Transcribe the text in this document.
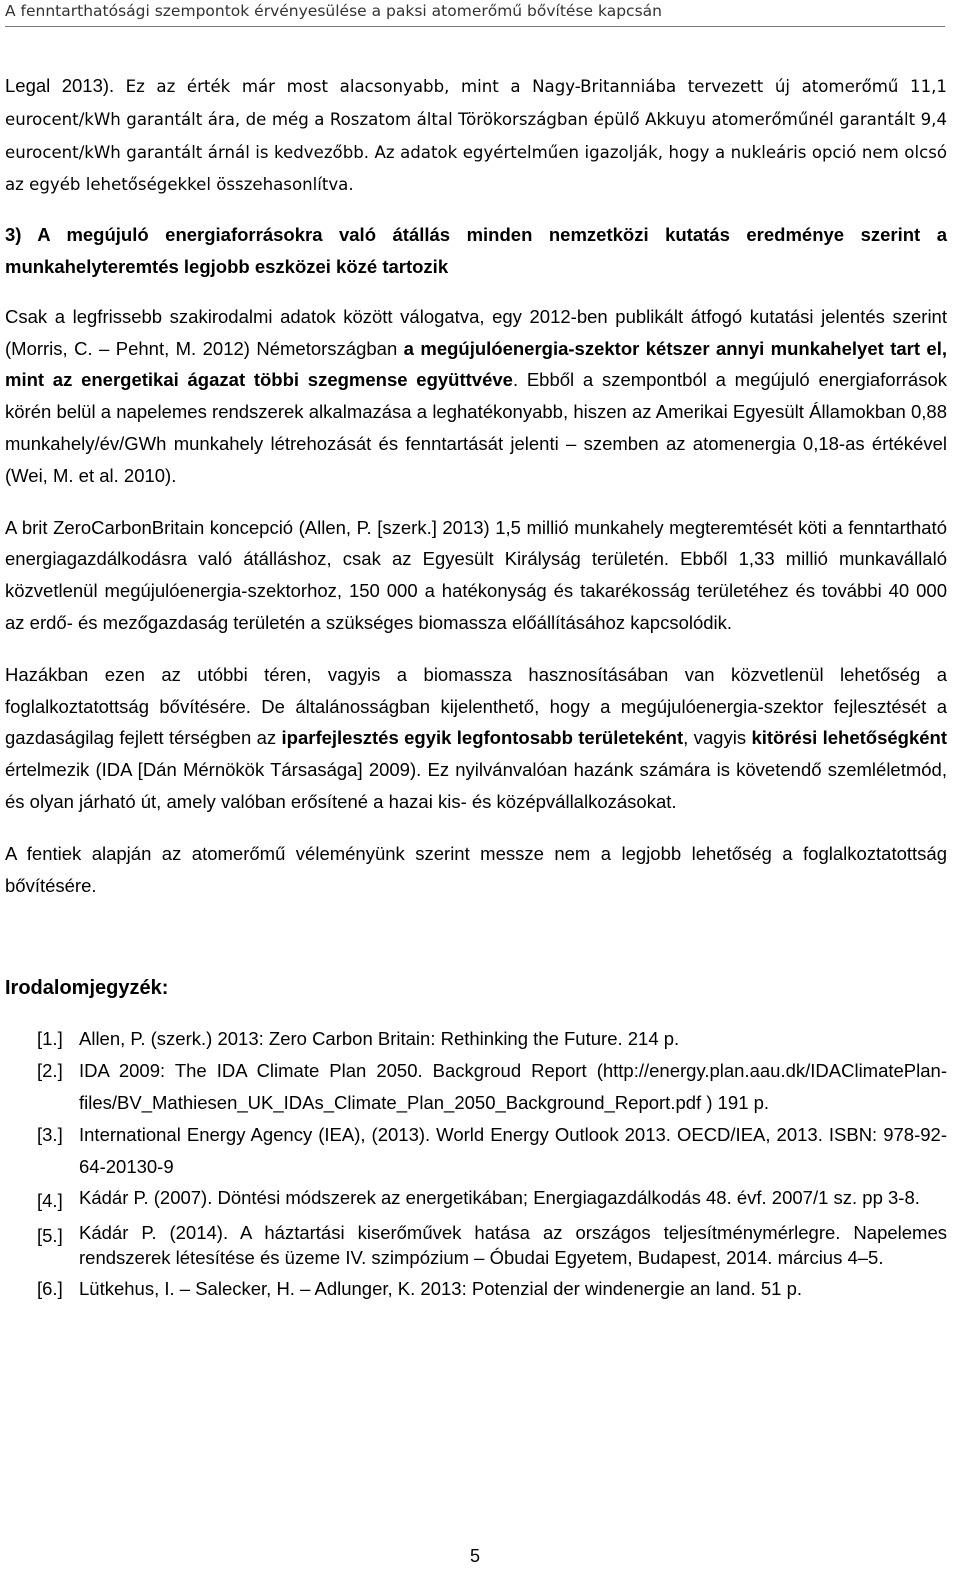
A fenntarthatósági szempontok érvényesülése a paksi atomerőmű bővítése kapcsán

Legal 2013). Ez az érték már most alacsonyabb, mint a Nagy-Britanniába tervezett új atomerőmű 11,1 eurocent/kWh garantált ára, de még a Roszatom által Törökországban épülő Akkuyu atomerőműnél garantált 9,4 eurocent/kWh garantált árnál is kedvezőbb. Az adatok egyértelműen igazolják, hogy a nukleáris opció nem olcsó az egyéb lehetőségekkel összehasonlítva.

3) A megújuló energiaforrásokra való átállás minden nemzetközi kutatás eredménye szerint a munkahelyteremtés legjobb eszközei közé tartozik

Csak a legfrissebb szakirodalmi adatok között válogatva, egy 2012-ben publikált átfogó kutatási jelentés szerint (Morris, C. – Pehnt, M. 2012) Németországban a megújulóenergia-szektor kétszer annyi munkahelyet tart el, mint az energetikai ágazat többi szegmense együttvéve. Ebből a szempontból a megújuló energiaforrások körén belül a napelemes rendszerek alkalmazása a leghatékonyabb, hiszen az Amerikai Egyesült Államokban 0,88 munkahely/év/GWh munkahely létrehozását és fenntartását jelenti – szemben az atomenergia 0,18-as értékével (Wei, M. et al. 2010).

A brit ZeroCarbonBritain koncepció (Allen, P. [szerk.] 2013) 1,5 millió munkahely megteremtését köti a fenntartható energiagazdálkodásra való átálláshoz, csak az Egyesült Királyság területén. Ebből 1,33 millió munkavállaló közvetlenül megújulóenergia-szektorhoz, 150 000 a hatékonyság és takarékosság területéhez és további 40 000 az erdő- és mezőgazdaság területén a szükséges biomassza előállításához kapcsolódik.

Hazákban ezen az utóbbi téren, vagyis a biomassza hasznosításában van közvetlenül lehetőség a foglalkoztatottság bővítésére. De általánosságban kijelenthető, hogy a megújulóenergia-szektor fejlesztését a gazdaságilag fejlett térségben az iparfejlesztés egyik legfontosabb területeként, vagyis kitörési lehetőségként értelmezik (IDA [Dán Mérnökök Társasága] 2009). Ez nyilvánvalóan hazánk számára is követendő szemléletmód, és olyan járható út, amely valóban erősítené a hazai kis- és középvállalkozásokat.

A fentiek alapján az atomerőmű véleményünk szerint messze nem a legjobb lehetőség a foglalkoztatottság bővítésére.

Irodalomjegyzék:
[1.] Allen, P. (szerk.) 2013: Zero Carbon Britain: Rethinking the Future. 214 p.
[2.] IDA 2009: The IDA Climate Plan 2050. Backgroud Report (http://energy.plan.aau.dk/IDAClimatePlan-files/BV_Mathiesen_UK_IDAs_Climate_Plan_2050_Background_Report.pdf ) 191 p.
[3.] International Energy Agency (IEA), (2013). World Energy Outlook 2013. OECD/IEA, 2013. ISBN: 978-92-64-20130-9
[4.] Kádár P. (2007). Döntési módszerek az energetikában; Energiagazdálkodás 48. évf. 2007/1 sz. pp 3-8.
[5.] Kádár P. (2014). A háztartási kiserőművek hatása az országos teljesítménymérlegre. Napelemes rendszerek létesítése és üzeme IV. szimpózium – Óbudai Egyetem, Budapest, 2014. március 4–5.
[6.] Lütkehus, I. – Salecker, H. – Adlunger, K. 2013: Potenzial der windenergie an land. 51 p.
5
